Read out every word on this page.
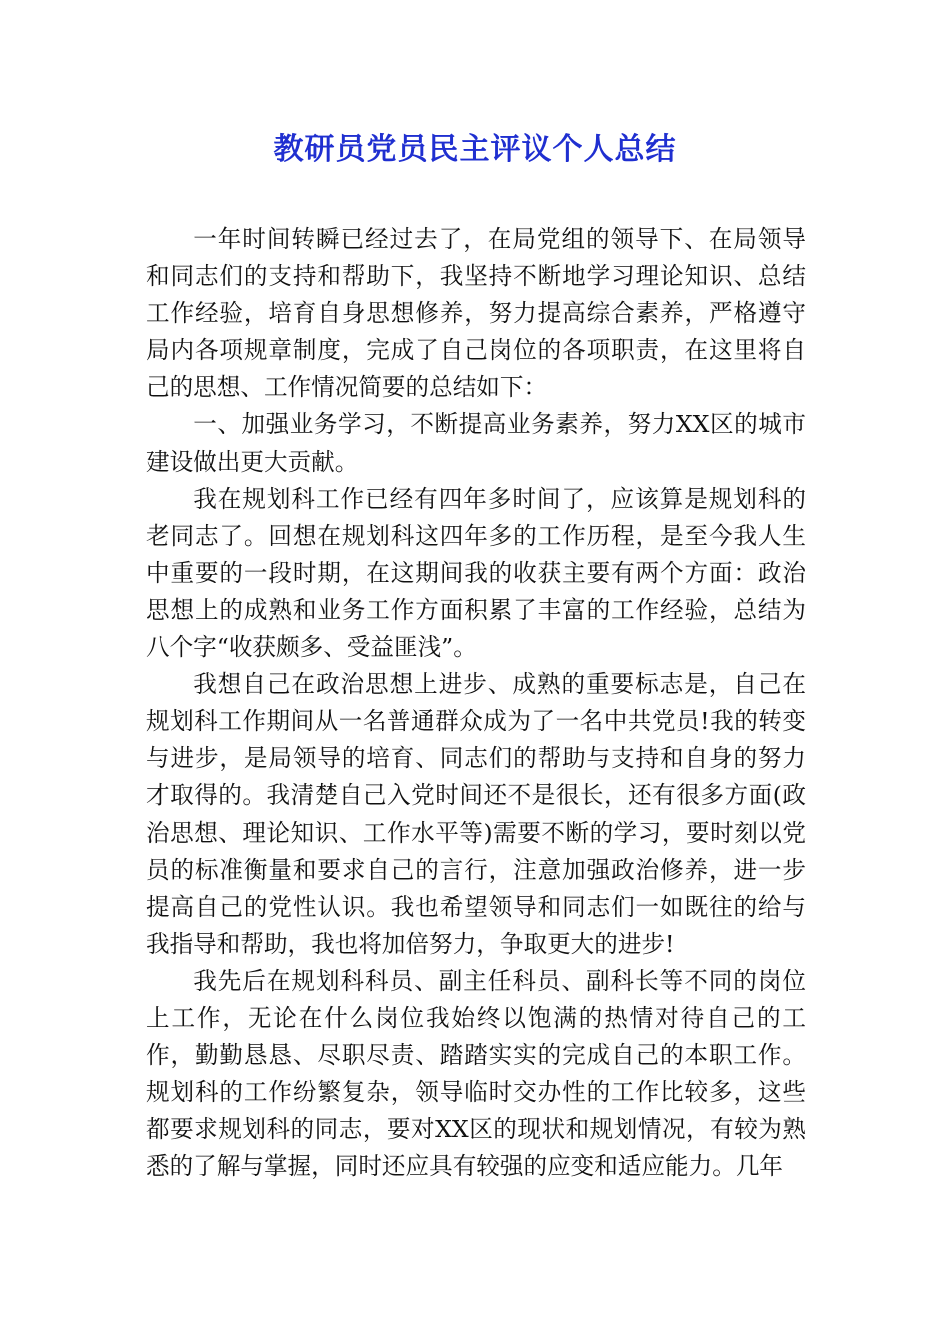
教研员党员民主评议个人总结

一年时间转瞬已经过去了，在局党组的领导下、在局领导和同志们的支持和帮助下，我坚持不断地学习理论知识、总结工作经验，培育自身思想修养，努力提高综合素养，严格遵守局内各项规章制度，完成了自己岗位的各项职责，在这里将自己的思想、工作情况简要的总结如下：

一、加强业务学习，不断提高业务素养，努力XX区的城市建设做出更大贡献。

我在规划科工作已经有四年多时间了，应该算是规划科的老同志了。回想在规划科这四年多的工作历程，是至今我人生中重要的一段时期，在这期间我的收获主要有两个方面：政治思想上的成熟和业务工作方面积累了丰富的工作经验，总结为八个字“收获颇多、受益匪浅”。

我想自己在政治思想上进步、成熟的重要标志是，自己在规划科工作期间从一名普通群众成为了一名中共党员!我的转变与进步，是局领导的培育、同志们的帮助与支持和自身的努力才取得的。我清楚自己入党时间还不是很长，还有很多方面(政治思想、理论知识、工作水平等)需要不断的学习，要时刻以党员的标准衡量和要求自己的言行，注意加强政治修养，进一步提高自己的党性认识。我也希望领导和同志们一如既往的给与我指导和帮助，我也将加倍努力，争取更大的进步!

我先后在规划科科员、副主任科员、副科长等不同的岗位上工作，无论在什么岗位我始终以饱满的热情对待自己的工作，勤勤恳恳、尽职尽责、踏踏实实的完成自己的本职工作。规划科的工作纷繁复杂，领导临时交办性的工作比较多，这些都要求规划科的同志，要对XX区的现状和规划情况，有较为熟悉的了解与掌握，同时还应具有较强的应变和适应能力。几年
